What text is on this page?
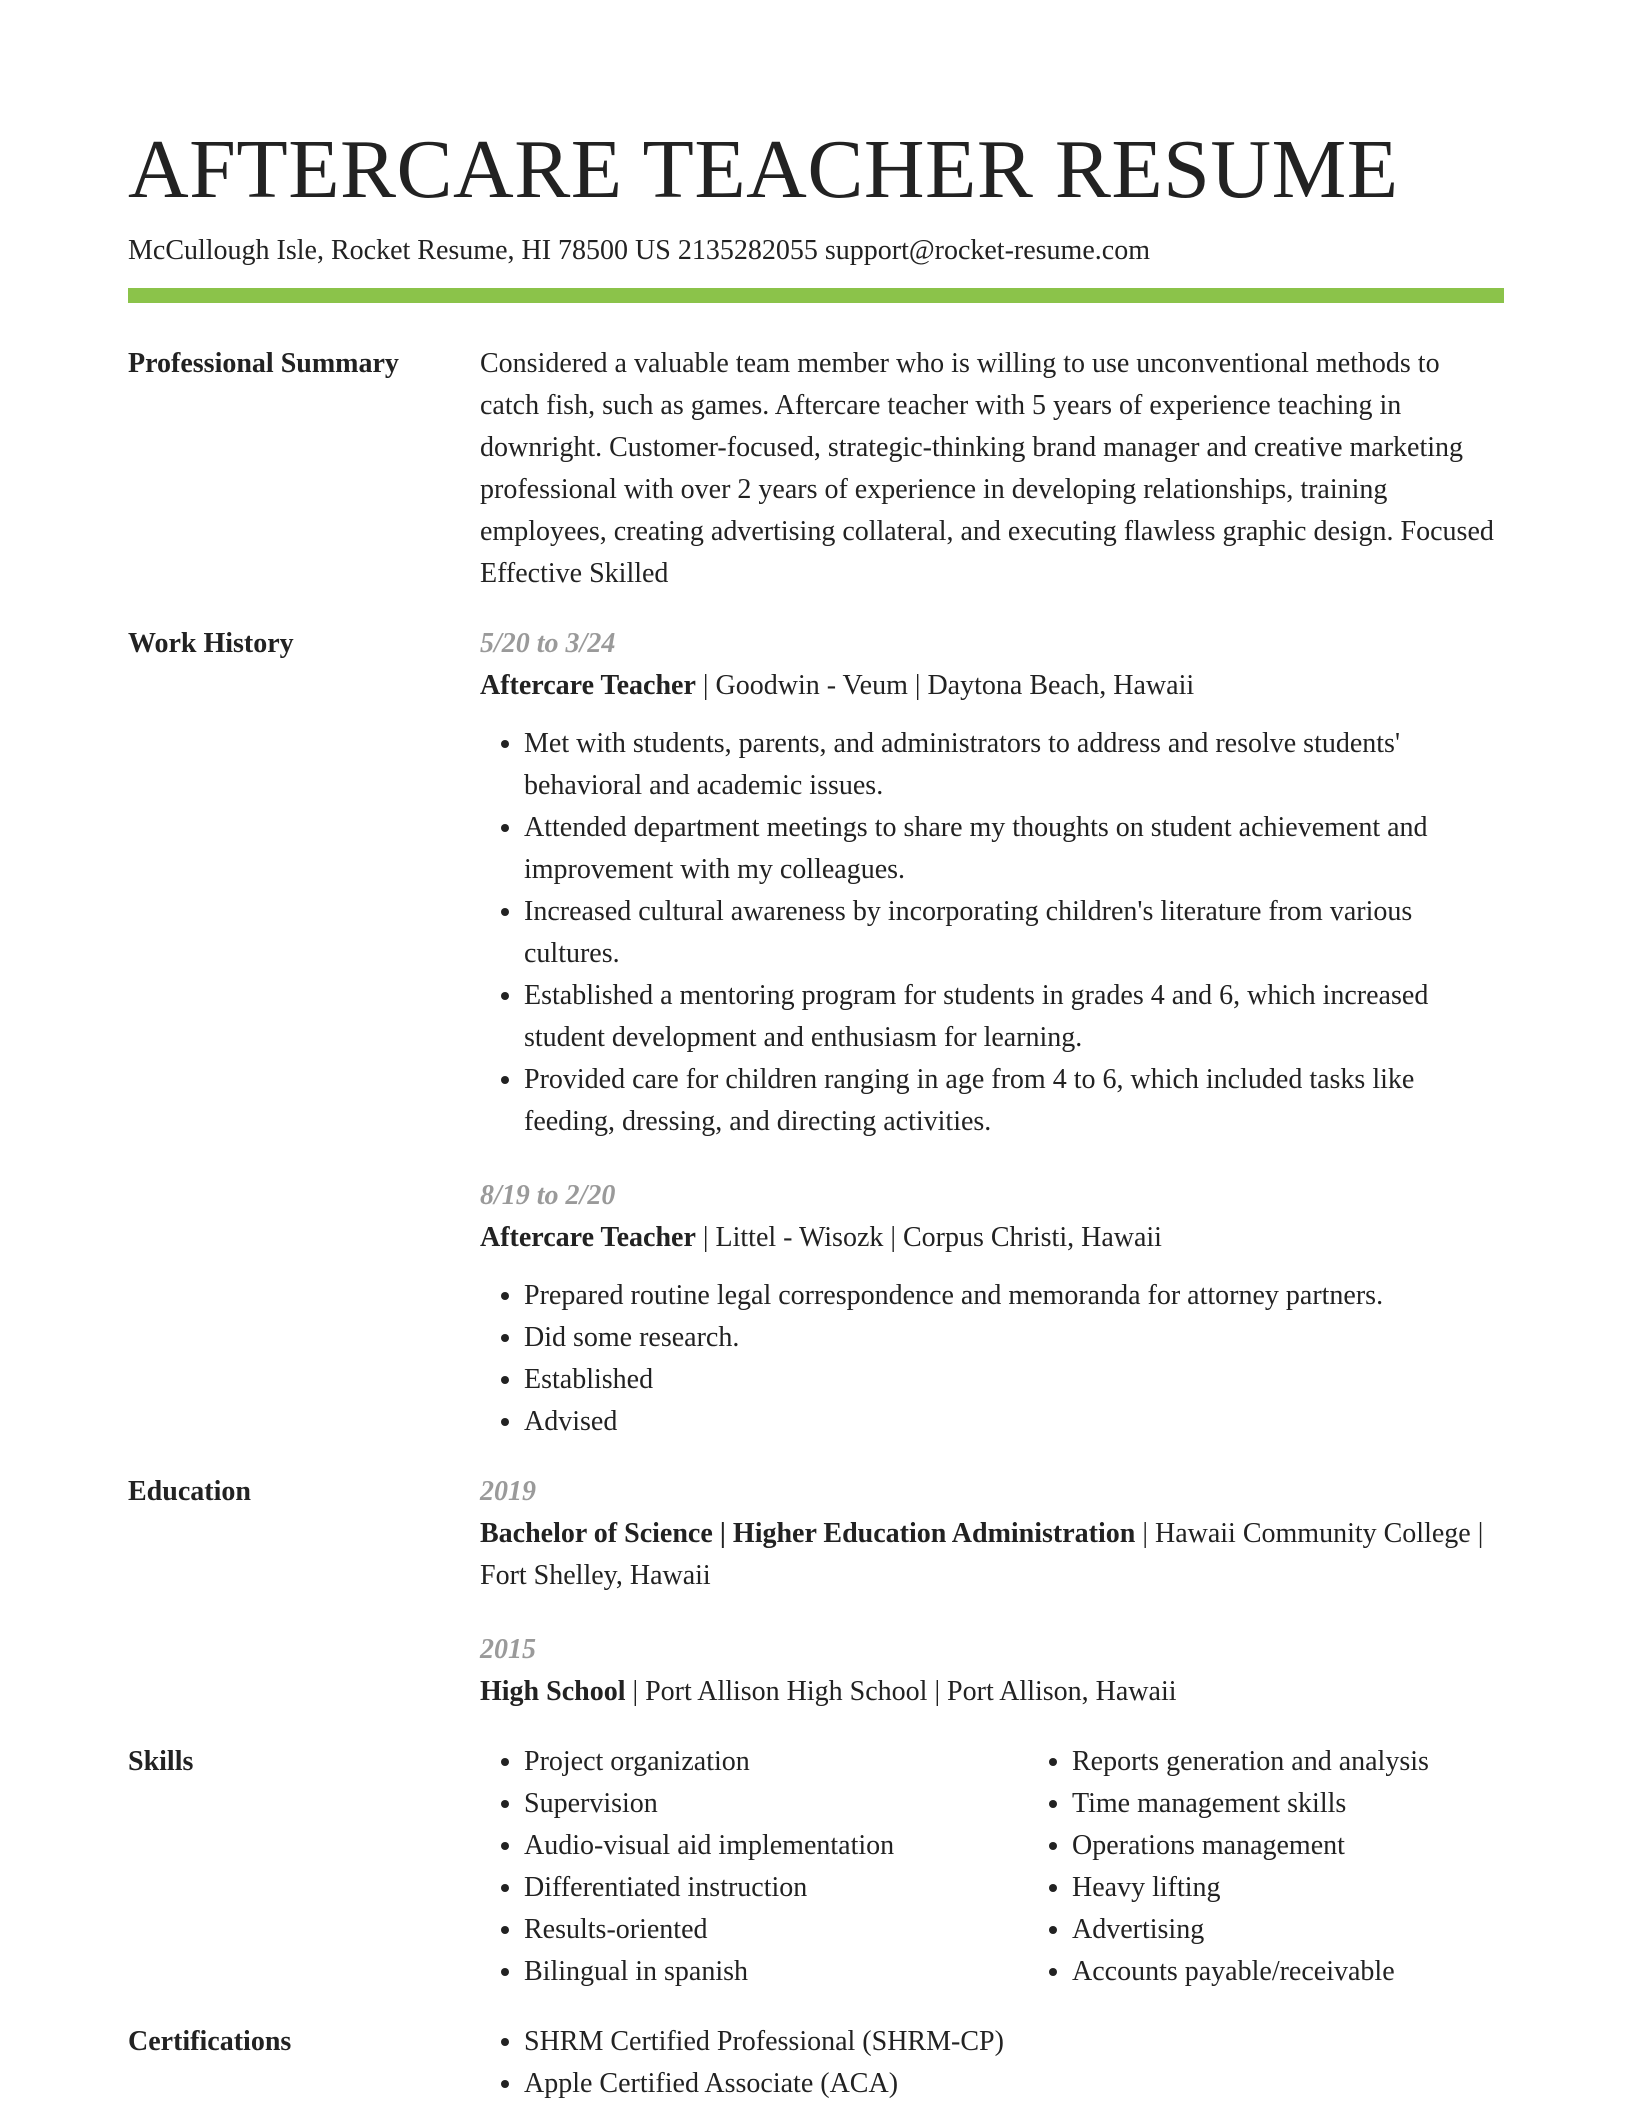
AFTERCARE TEACHER RESUME
McCullough Isle, Rocket Resume, HI 78500 US 2135282055 support@rocket-resume.com
Professional Summary	Considered a valuable team member who is willing to use unconventional methods to catch fish, such as games. Aftercare teacher with 5 years of experience teaching in downright. Customer-focused, strategic-thinking brand manager and creative marketing professional with over 2 years of experience in developing relationships, training employees, creating advertising collateral, and executing flawless graphic design. Focused Effective Skilled
Work History	5/20 to 3/24
Aftercare Teacher | Goodwin - Veum | Daytona Beach, Hawaii
• Met with students, parents, and administrators to address and resolve students' behavioral and academic issues.
• Attended department meetings to share my thoughts on student achievement and improvement with my colleagues.
• Increased cultural awareness by incorporating children's literature from various cultures.
• Established a mentoring program for students in grades 4 and 6, which increased student development and enthusiasm for learning.
• Provided care for children ranging in age from 4 to 6, which included tasks like feeding, dressing, and directing activities.
8/19 to 2/20
Aftercare Teacher | Littel - Wisozk | Corpus Christi, Hawaii
• Prepared routine legal correspondence and memoranda for attorney partners.
• Did some research.
• Established
• Advised
Education	2019
Bachelor of Science | Higher Education Administration | Hawaii Community College | Fort Shelley, Hawaii
2015
High School | Port Allison High School | Port Allison, Hawaii
Skills	• Project organization
• Supervision
• Audio-visual aid implementation
• Differentiated instruction
• Results-oriented
• Bilingual in spanish
• Reports generation and analysis
• Time management skills
• Operations management
• Heavy lifting
• Advertising
• Accounts payable/receivable
Certifications	• SHRM Certified Professional (SHRM-CP)
• Apple Certified Associate (ACA)
